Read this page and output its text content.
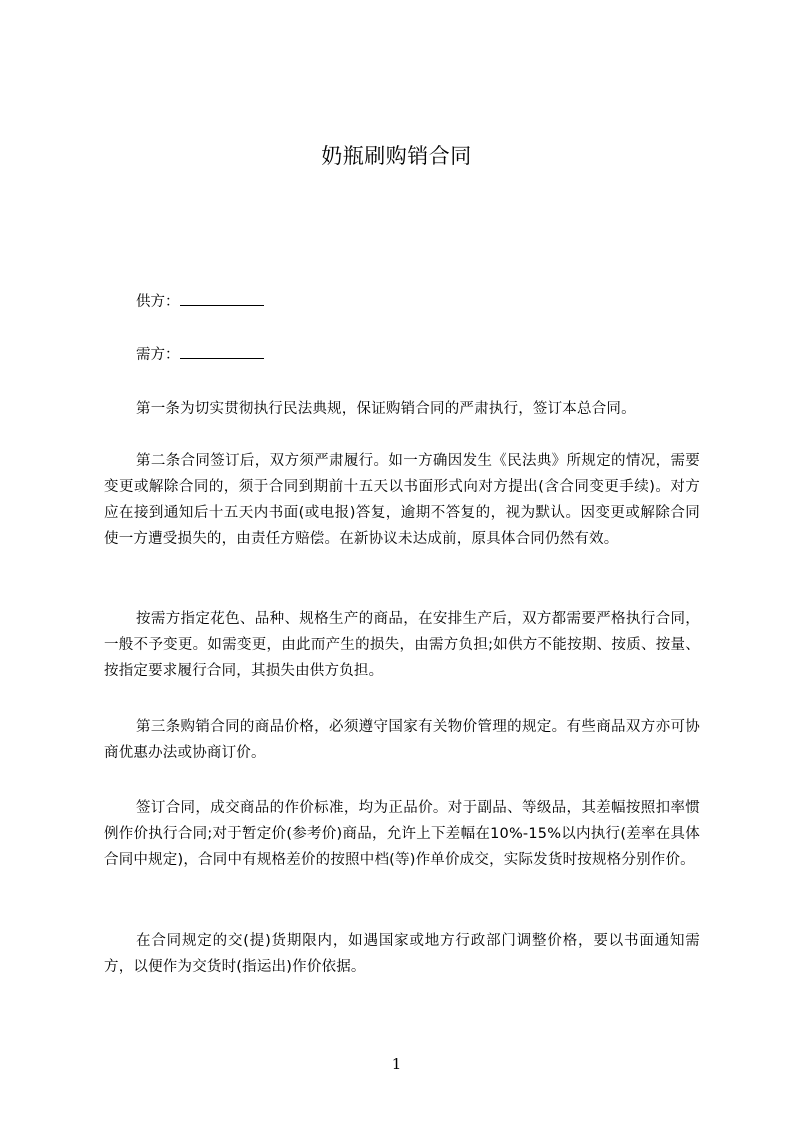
奶瓶刷购销合同

供方：

需方：

第一条为切实贯彻执行民法典规，保证购销合同的严肃执行，签订本总合同。

第二条合同签订后，双方须严肃履行。如一方确因发生《民法典》所规定的情况，需要变更或解除合同的，须于合同到期前十五天以书面形式向对方提出(含合同变更手续)。对方应在接到通知后十五天内书面(或电报)答复，逾期不答复的，视为默认。因变更或解除合同使一方遭受损失的，由责任方赔偿。在新协议未达成前，原具体合同仍然有效。

按需方指定花色、品种、规格生产的商品，在安排生产后，双方都需要严格执行合同，一般不予变更。如需变更，由此而产生的损失，由需方负担;如供方不能按期、按质、按量、按指定要求履行合同，其损失由供方负担。

第三条购销合同的商品价格，必须遵守国家有关物价管理的规定。有些商品双方亦可协商优惠办法或协商订价。

签订合同，成交商品的作价标准，均为正品价。对于副品、等级品，其差幅按照扣率惯例作价执行合同;对于暂定价(参考价)商品，允许上下差幅在10%-15%以内执行(差率在具体合同中规定)，合同中有规格差价的按照中档(等)作单价成交，实际发货时按规格分别作价。

在合同规定的交(提)货期限内，如遇国家或地方行政部门调整价格，要以书面通知需方，以便作为交货时(指运出)作价依据。

1
